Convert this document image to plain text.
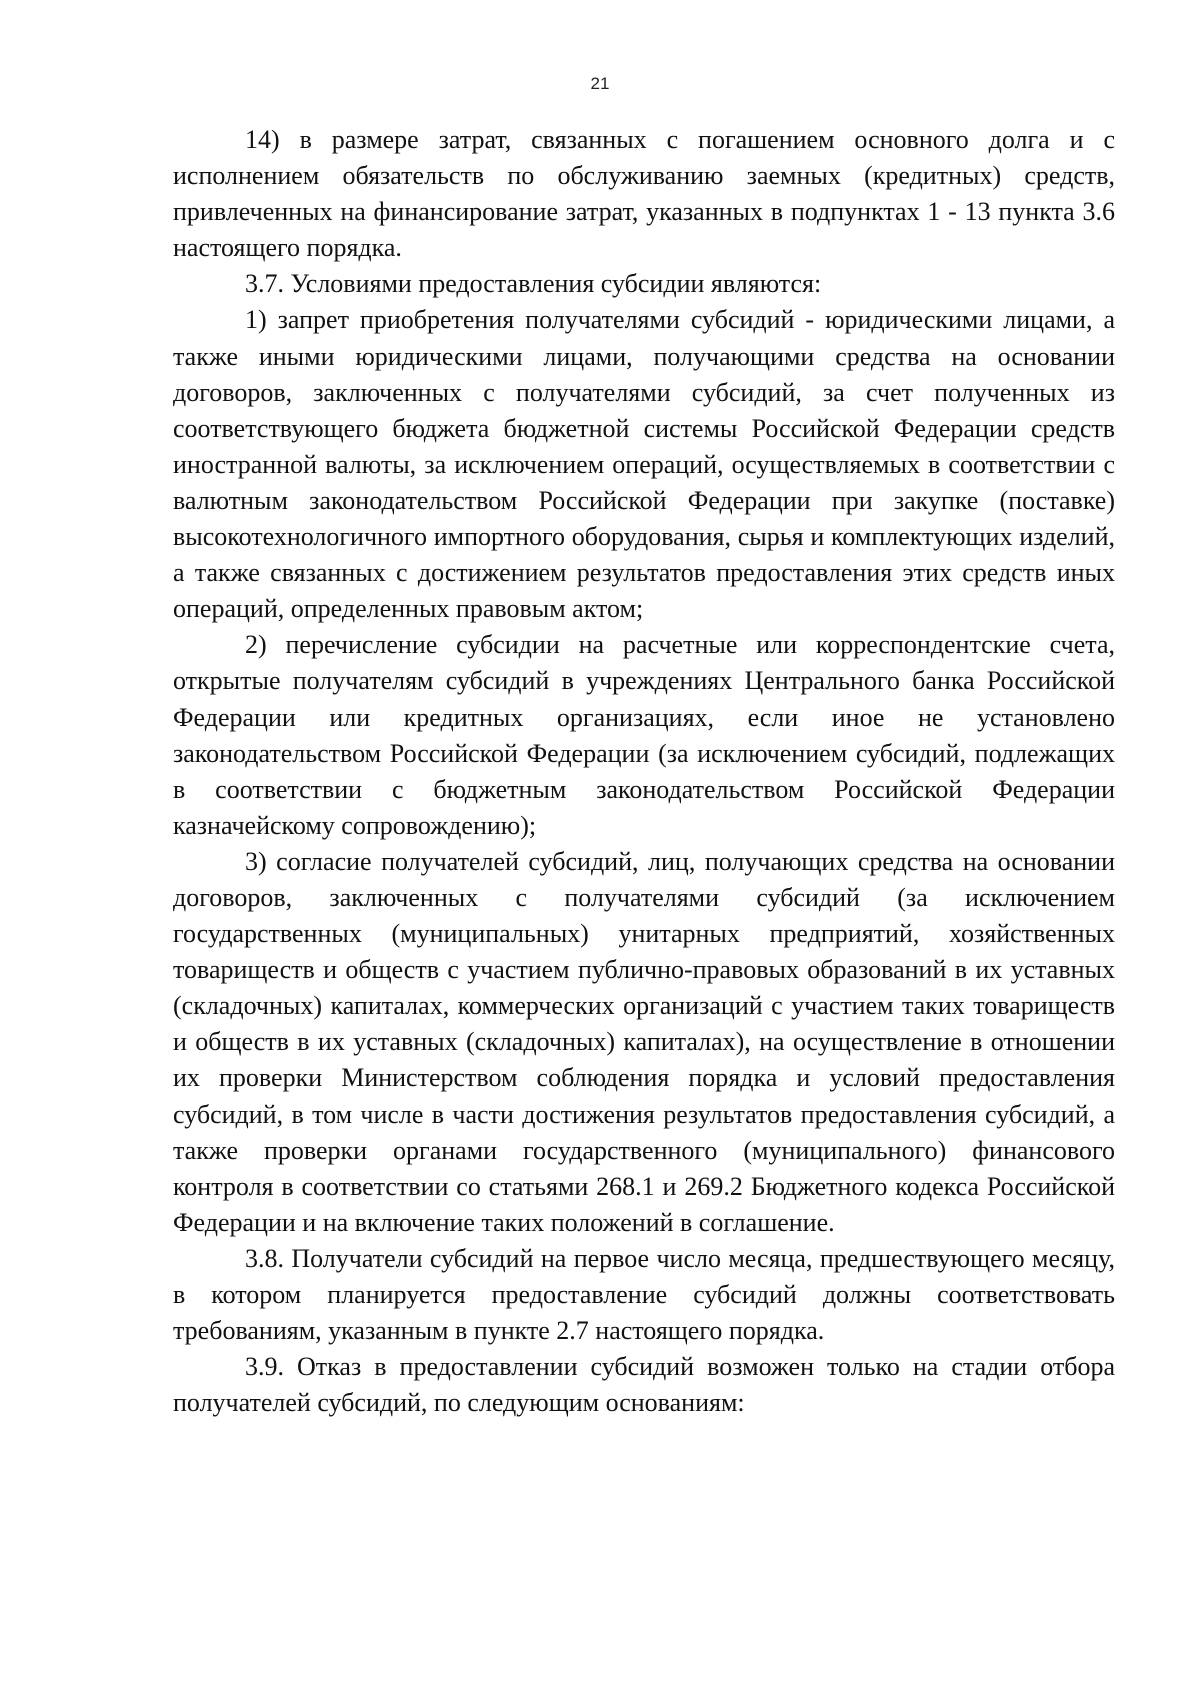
21

14) в размере затрат, связанных с погашением основного долга и с исполнением обязательств по обслуживанию заемных (кредитных) средств, привлеченных на финансирование затрат, указанных в подпунктах 1 - 13 пункта 3.6 настоящего порядка.

3.7. Условиями предоставления субсидии являются:

1) запрет приобретения получателями субсидий - юридическими лицами, а также иными юридическими лицами, получающими средства на основании договоров, заключенных с получателями субсидий, за счет полученных из соответствующего бюджета бюджетной системы Российской Федерации средств иностранной валюты, за исключением операций, осуществляемых в соответствии с валютным законодательством Российской Федерации при закупке (поставке) высокотехнологичного импортного оборудования, сырья и комплектующих изделий, а также связанных с достижением результатов предоставления этих средств иных операций, определенных правовым актом;

2) перечисление субсидии на расчетные или корреспондентские счета, открытые получателям субсидий в учреждениях Центрального банка Российской Федерации или кредитных организациях, если иное не установлено законодательством Российской Федерации (за исключением субсидий, подлежащих в соответствии с бюджетным законодательством Российской Федерации казначейскому сопровождению);

3) согласие получателей субсидий, лиц, получающих средства на основании договоров, заключенных с получателями субсидий (за исключением государственных (муниципальных) унитарных предприятий, хозяйственных товариществ и обществ с участием публично-правовых образований в их уставных (складочных) капиталах, коммерческих организаций с участием таких товариществ и обществ в их уставных (складочных) капиталах), на осуществление в отношении их проверки Министерством соблюдения порядка и условий предоставления субсидий, в том числе в части достижения результатов предоставления субсидий, а также проверки органами государственного (муниципального) финансового контроля в соответствии со статьями 268.1 и 269.2 Бюджетного кодекса Российской Федерации и на включение таких положений в соглашение.

3.8. Получатели субсидий на первое число месяца, предшествующего месяцу, в котором планируется предоставление субсидий должны соответствовать требованиям, указанным в пункте 2.7 настоящего порядка.

3.9. Отказ в предоставлении субсидий возможен только на стадии отбора получателей субсидий, по следующим основаниям:
